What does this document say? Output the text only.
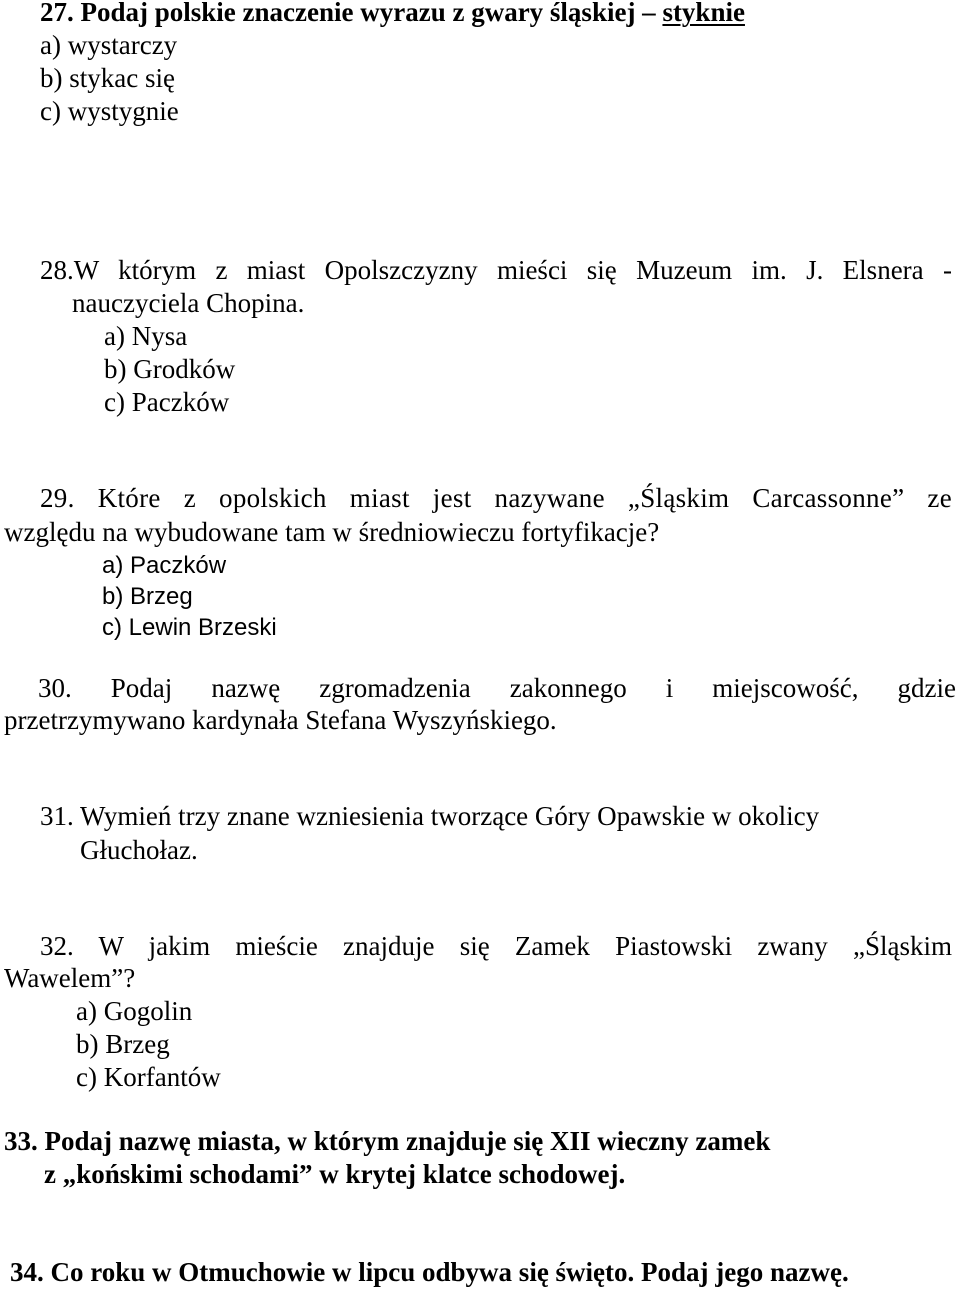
27. Podaj polskie znaczenie wyrazu z gwary śląskiej – styknie
a) wystarczy
b) stykac się
c) wystygnie
28.W którym z miast Opolszczyzny mieści się Muzeum im. J. Elsnera -
nauczyciela Chopina.
a) Nysa
b) Grodków
c) Paczków
29. Które z opolskich miast jest nazywane „Śląskim Carcassonne” ze
względu na wybudowane tam w średniowieczu fortyfikacje?
a) Paczków
b) Brzeg
c) Lewin Brzeski
30. Podaj nazwę zgromadzenia zakonnego i miejscowość, gdzie
przetrzymywano kardynała Stefana Wyszyńskiego.
31. Wymień trzy znane wzniesienia tworzące Góry Opawskie w okolicy
Głuchołaz.
32. W jakim mieście znajduje się Zamek Piastowski zwany „Śląskim
Wawelem”?
a) Gogolin
b) Brzeg
c) Korfantów
33. Podaj nazwę miasta, w którym znajduje się XII wieczny zamek
z „końskimi schodami” w krytej klatce schodowej.
34. Co roku w Otmuchowie w lipcu odbywa się święto. Podaj jego nazwę.
